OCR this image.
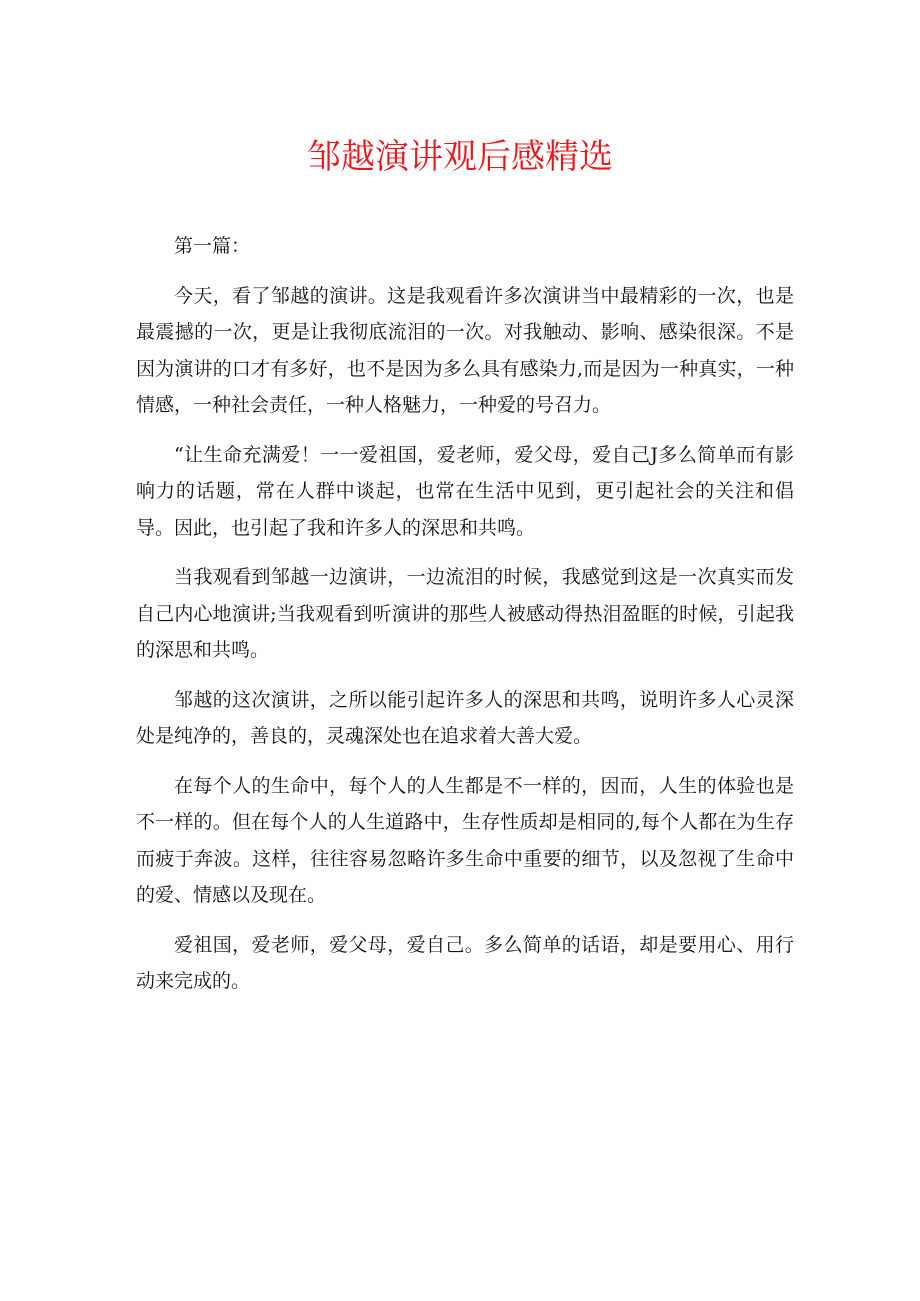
邹越演讲观后感精选

第一篇：

今天，看了邹越的演讲。这是我观看许多次演讲当中最精彩的一次，也是最震撼的一次，更是让我彻底流泪的一次。对我触动、影响、感染很深。不是因为演讲的口才有多好，也不是因为多么具有感染力,而是因为一种真实，一种情感，一种社会责任，一种人格魅力，一种爱的号召力。

“让生命充满爱！一一爱祖国，爱老师，爱父母，爱自己J多么简单而有影响力的话题，常在人群中谈起，也常在生活中见到，更引起社会的关注和倡导。因此，也引起了我和许多人的深思和共鸣。

当我观看到邹越一边演讲，一边流泪的时候，我感觉到这是一次真实而发自己内心地演讲;当我观看到听演讲的那些人被感动得热泪盈眶的时候，引起我的深思和共鸣。

邹越的这次演讲，之所以能引起许多人的深思和共鸣，说明许多人心灵深处是纯净的，善良的，灵魂深处也在追求着大善大爱。

在每个人的生命中，每个人的人生都是不一样的，因而，人生的体验也是不一样的。但在每个人的人生道路中，生存性质却是相同的,每个人都在为生存而疲于奔波。这样，往往容易忽略许多生命中重要的细节，以及忽视了生命中的爱、情感以及现在。

爱祖国，爱老师，爱父母，爱自己。多么简单的话语，却是要用心、用行动来完成的。
